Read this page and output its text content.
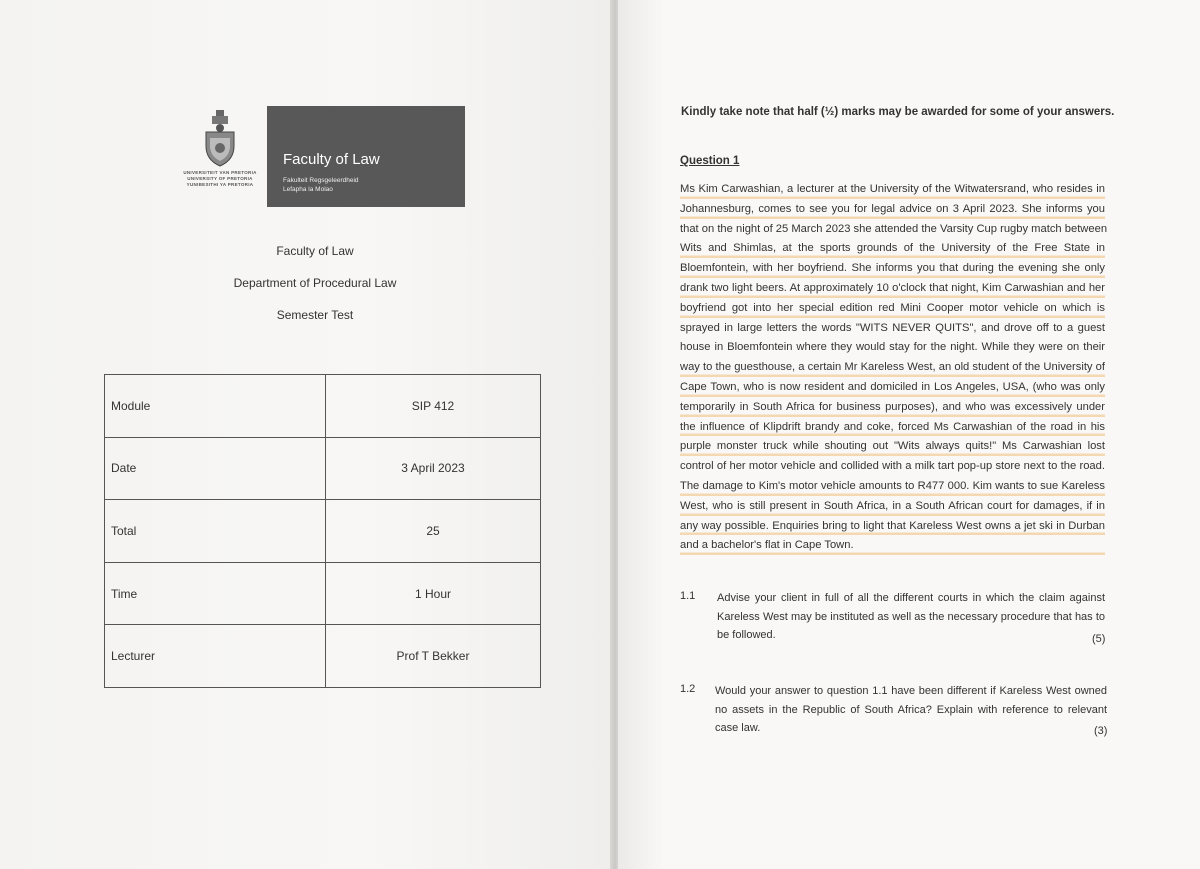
UNIVERSITEIT VAN PRETORIA
UNIVERSITY OF PRETORIA
YUNIBESITHI YA PRETORIA
Faculty of Law
Fakulteit Regsgeleerdheid
Lefapha la Molao
Faculty of Law
Department of Procedural Law
Semester Test
Module	SIP 412
Date	3 April 2023
Total	25
Time	1 Hour
Lecturer	Prof T Bekker
Kindly take note that half (½) marks may be awarded for some of your answers.
Question 1
Ms Kim Carwashian, a lecturer at the University of the Witwatersrand, who resides in
Johannesburg, comes to see you for legal advice on 3 April 2023. She informs you
that on the night of 25 March 2023 she attended the Varsity Cup rugby match between
Wits and Shimlas, at the sports grounds of the University of the Free State in
Bloemfontein, with her boyfriend. She informs you that during the evening she only
drank two light beers. At approximately 10 o'clock that night, Kim Carwashian and her
boyfriend got into her special edition red Mini Cooper motor vehicle on which is
sprayed in large letters the words "WITS NEVER QUITS", and drove off to a guest
house in Bloemfontein where they would stay for the night. While they were on their
way to the guesthouse, a certain Mr Kareless West, an old student of the University of
Cape Town, who is now resident and domiciled in Los Angeles, USA, (who was only
temporarily in South Africa for business purposes), and who was excessively under
the influence of Klipdrift brandy and coke, forced Ms Carwashian of the road in his
purple monster truck while shouting out "Wits always quits!" Ms Carwashian lost
control of her motor vehicle and collided with a milk tart pop-up store next to the road.
The damage to Kim's motor vehicle amounts to R477 000. Kim wants to sue Kareless
West, who is still present in South Africa, in a South African court for damages, if in
any way possible. Enquiries bring to light that Kareless West owns a jet ski in Durban
and a bachelor's flat in Cape Town.
1.1 Advise your client in full of all the different courts in which the claim against Kareless West may be instituted as well as the necessary procedure that has to be followed.	(5)
1.2 Would your answer to question 1.1 have been different if Kareless West owned no assets in the Republic of South Africa? Explain with reference to relevant case law.	(3)
